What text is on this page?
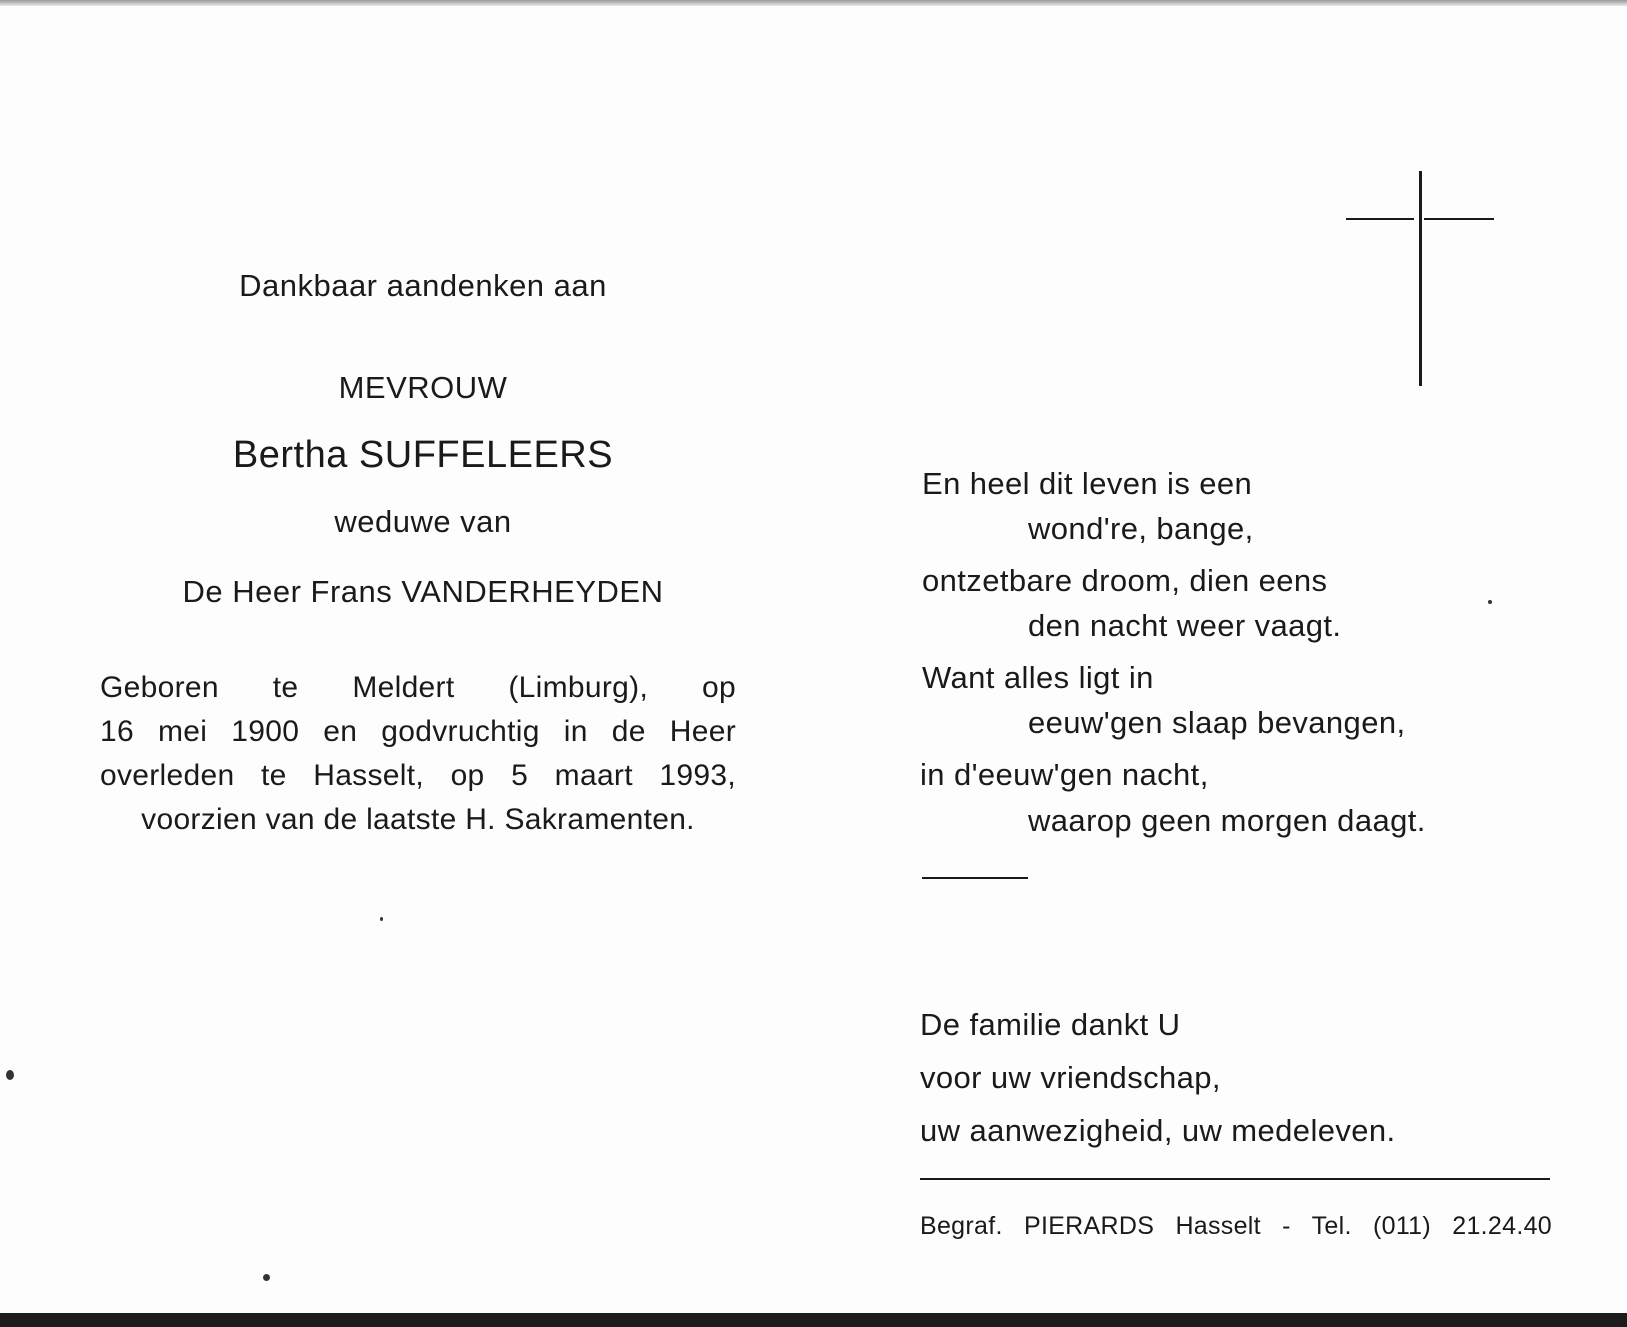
Dankbaar aandenken aan

MEVROUW

Bertha SUFFELEERS

weduwe van

De Heer Frans VANDERHEYDEN

Geboren te Meldert (Limburg), op
16 mei 1900 en godvruchtig in de Heer
overleden te Hasselt, op 5 maart 1993,
voorzien van de laatste H. Sakramenten.

En heel dit leven is een

wond're, bange,

ontzetbare droom, dien eens

den nacht weer vaagt.

Want alles ligt in

eeuw'gen slaap bevangen,

in d'eeuw'gen nacht,

waarop geen morgen daagt.

De familie dankt U

voor uw vriendschap,

uw aanwezigheid, uw medeleven.

Begraf. PIERARDS Hasselt - Tel. (011) 21.24.40
